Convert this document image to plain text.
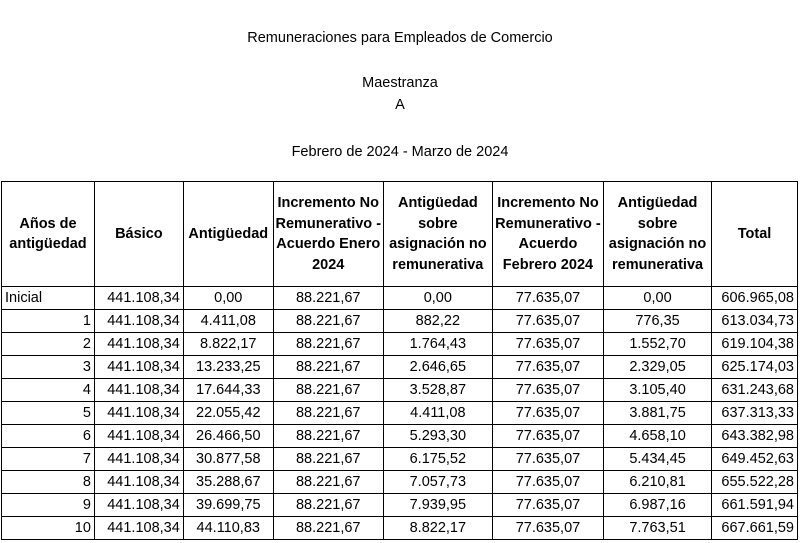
Remuneraciones para Empleados de Comercio
Maestranza
A
Febrero de 2024 - Marzo de 2024
Años de antigüedad	Básico	Antigüedad	Incremento No Remunerativo - Acuerdo Enero 2024	Antigüedad sobre asignación no remunerativa	Incremento No Remunerativo - Acuerdo Febrero 2024	Antigüedad sobre asignación no remunerativa	Total
Inicial	441.108,34	0,00	88.221,67	0,00	77.635,07	0,00	606.965,08
1	441.108,34	4.411,08	88.221,67	882,22	77.635,07	776,35	613.034,73
2	441.108,34	8.822,17	88.221,67	1.764,43	77.635,07	1.552,70	619.104,38
3	441.108,34	13.233,25	88.221,67	2.646,65	77.635,07	2.329,05	625.174,03
4	441.108,34	17.644,33	88.221,67	3.528,87	77.635,07	3.105,40	631.243,68
5	441.108,34	22.055,42	88.221,67	4.411,08	77.635,07	3.881,75	637.313,33
6	441.108,34	26.466,50	88.221,67	5.293,30	77.635,07	4.658,10	643.382,98
7	441.108,34	30.877,58	88.221,67	6.175,52	77.635,07	5.434,45	649.452,63
8	441.108,34	35.288,67	88.221,67	7.057,73	77.635,07	6.210,81	655.522,28
9	441.108,34	39.699,75	88.221,67	7.939,95	77.635,07	6.987,16	661.591,94
10	441.108,34	44.110,83	88.221,67	8.822,17	77.635,07	7.763,51	667.661,59
